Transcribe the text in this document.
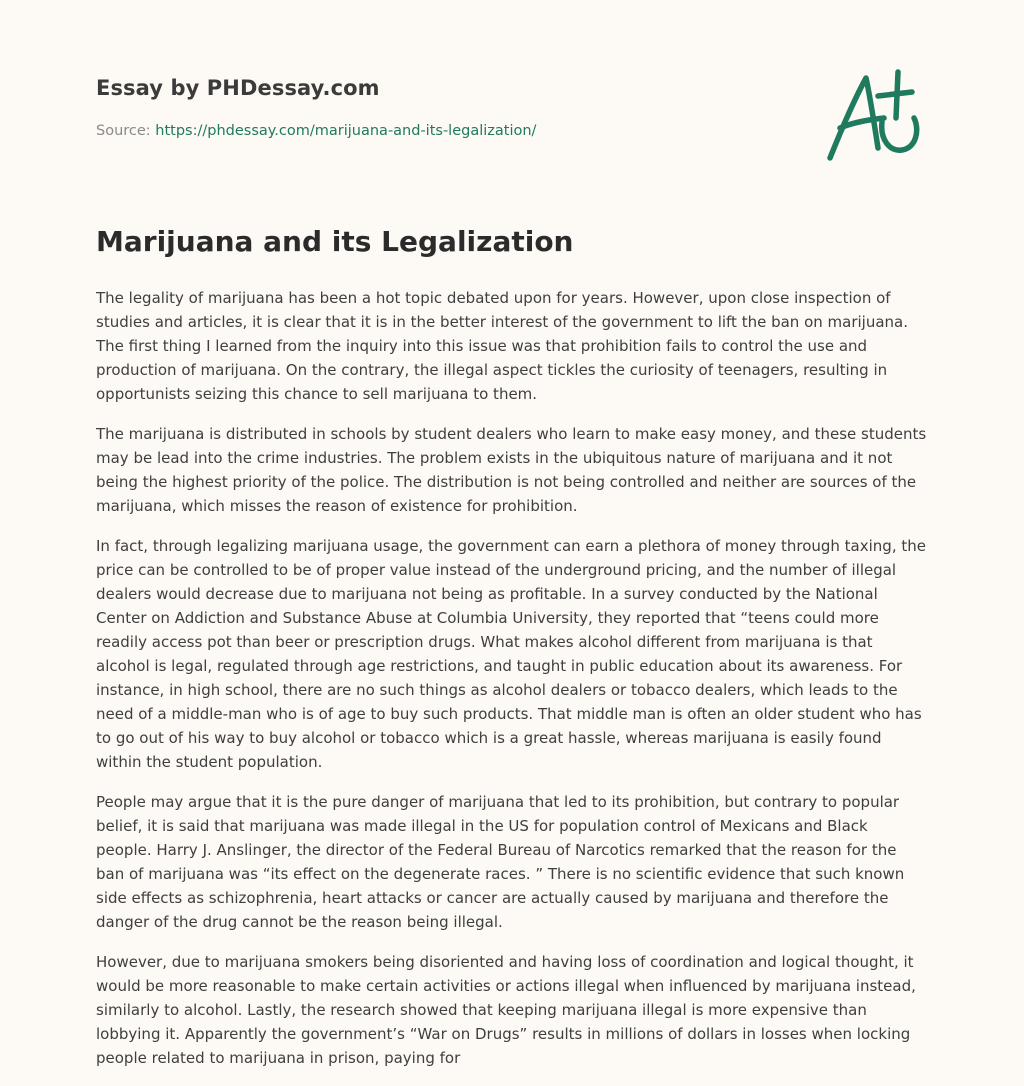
Essay by PHDessay.com

Source: https://phdessay.com/marijuana-and-its-legalization/

Marijuana and its Legalization

The legality of marijuana has been a hot topic debated upon for years. However, upon close inspection of studies and articles, it is clear that it is in the better interest of the government to lift the ban on marijuana. The first thing I learned from the inquiry into this issue was that prohibition fails to control the use and production of marijuana. On the contrary, the illegal aspect tickles the curiosity of teenagers, resulting in opportunists seizing this chance to sell marijuana to them.

The marijuana is distributed in schools by student dealers who learn to make easy money, and these students may be lead into the crime industries. The problem exists in the ubiquitous nature of marijuana and it not being the highest priority of the police. The distribution is not being controlled and neither are sources of the marijuana, which misses the reason of existence for prohibition.

In fact, through legalizing marijuana usage, the government can earn a plethora of money through taxing, the price can be controlled to be of proper value instead of the underground pricing, and the number of illegal dealers would decrease due to marijuana not being as profitable. In a survey conducted by the National Center on Addiction and Substance Abuse at Columbia University, they reported that “teens could more readily access pot than beer or prescription drugs. What makes alcohol different from marijuana is that alcohol is legal, regulated through age restrictions, and taught in public education about its awareness. For instance, in high school, there are no such things as alcohol dealers or tobacco dealers, which leads to the need of a middle-man who is of age to buy such products. That middle man is often an older student who has to go out of his way to buy alcohol or tobacco which is a great hassle, whereas marijuana is easily found within the student population.

People may argue that it is the pure danger of marijuana that led to its prohibition, but contrary to popular belief, it is said that marijuana was made illegal in the US for population control of Mexicans and Black people. Harry J. Anslinger, the director of the Federal Bureau of Narcotics remarked that the reason for the ban of marijuana was “its effect on the degenerate races. ” There is no scientific evidence that such known side effects as schizophrenia, heart attacks or cancer are actually caused by marijuana and therefore the danger of the drug cannot be the reason being illegal.

However, due to marijuana smokers being disoriented and having loss of coordination and logical thought, it would be more reasonable to make certain activities or actions illegal when influenced by marijuana instead, similarly to alcohol. Lastly, the research showed that keeping marijuana illegal is more expensive than lobbying it. Apparently the government’s “War on Drugs” results in millions of dollars in losses when locking people related to marijuana in prison, paying for
